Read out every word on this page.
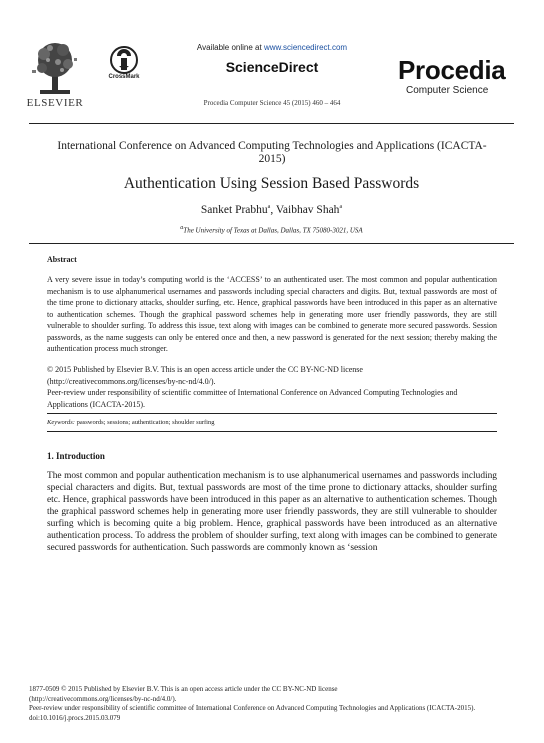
ELSEVIER
CrossMark
Available online at www.sciencedirect.com
ScienceDirect
Procedia Computer Science 45 (2015) 460 – 464
Procedia
Computer Science
International Conference on Advanced Computing Technologies and Applications (ICACTA-2015)
Authentication Using Session Based Passwords
Sanket Prabhu$^a$, Vaibhav Shah$^a$
$^a$The University of Texas at Dallas, Dallas, TX 75080-3021, USA
Abstract
A very severe issue in today’s computing world is the ‘ACCESS’ to an authenticated user. The most common and popular authentication mechanism is to use alphanumerical usernames and passwords including special characters and digits. But, textual passwords are most of the time prone to dictionary attacks, shoulder surfing, etc. Hence, graphical passwords have been introduced in this paper as an alternative to authentication schemes. Though the graphical password schemes help in generating more user friendly passwords, they are still vulnerable to shoulder surfing. To address this issue, text along with images can be combined to generate more secured passwords. Session passwords, as the name suggests can only be entered once and then, a new password is generated for the next session; thereby making the authentication process much stronger.
© 2015 Published by Elsevier B.V. This is an open access article under the CC BY-NC-ND license
(http://creativecommons.org/licenses/by-nc-nd/4.0/).
Peer-review under responsibility of scientific committee of International Conference on Advanced Computing Technologies and Applications (ICACTA-2015).
Keywords: passwords; sessions; authentication; shoulder surfing
1. Introduction
The most common and popular authentication mechanism is to use alphanumerical usernames and passwords including special characters and digits. But, textual passwords are most of the time prone to dictionary attacks, shoulder surfing etc. Hence, graphical passwords have been introduced in this paper as an alternative to authentication schemes. Though the graphical password schemes help in generating more user friendly passwords, they are still vulnerable to shoulder surfing which is becoming quite a big problem. Hence, graphical passwords have been introduced as an alternative authentication process. To address the problem of shoulder surfing, text along with images can be combined to generate secured passwords for authentication. Such passwords are commonly known as ‘session
1877-0509 © 2015 Published by Elsevier B.V. This is an open access article under the CC BY-NC-ND license
(http://creativecommons.org/licenses/by-nc-nd/4.0/).
Peer-review under responsibility of scientific committee of International Conference on Advanced Computing Technologies and Applications (ICACTA-2015).
doi:10.1016/j.procs.2015.03.079
